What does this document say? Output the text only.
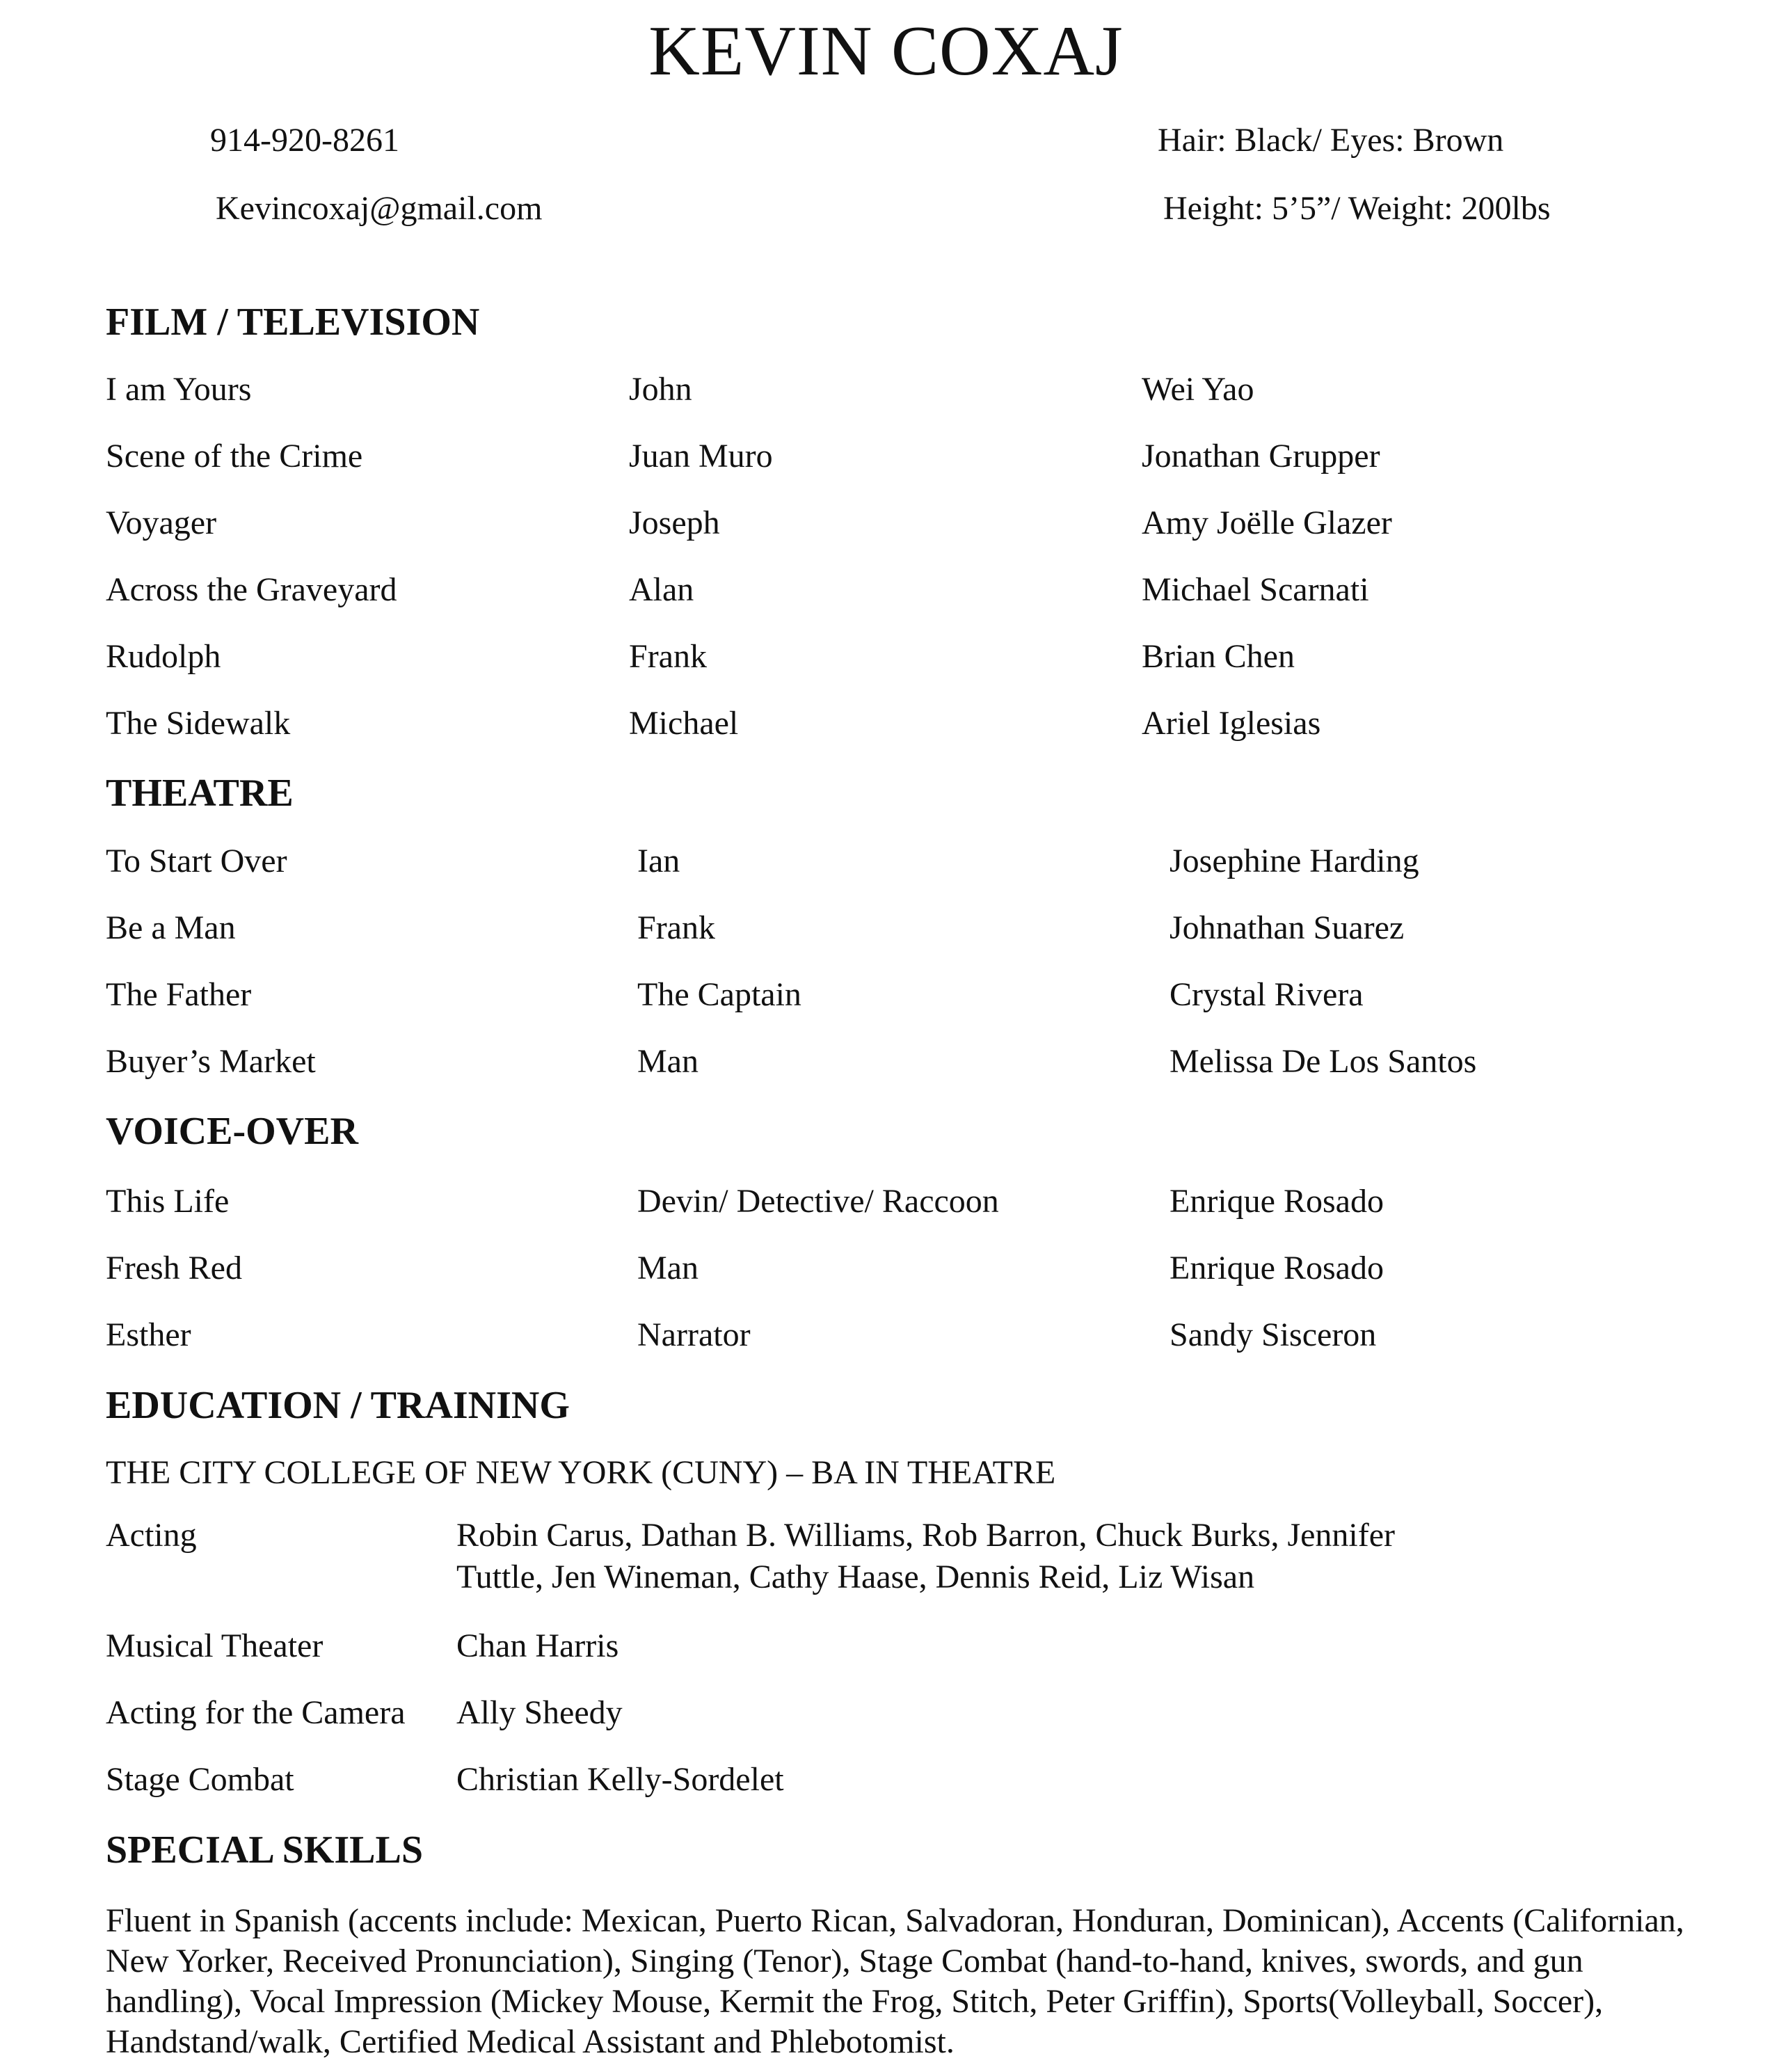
KEVIN COXAJ
914-920-8261
Kevincoxaj@gmail.com
Hair: Black/ Eyes: Brown
Height: 5’5”/ Weight: 200lbs
FILM / TELEVISION
I am Yours	John	Wei Yao
Scene of the Crime	Juan Muro	Jonathan Grupper
Voyager	Joseph	Amy Joëlle Glazer
Across the Graveyard	Alan	Michael Scarnati
Rudolph	Frank	Brian Chen
The Sidewalk	Michael	Ariel Iglesias
THEATRE
To Start Over	Ian	Josephine Harding
Be a Man	Frank	Johnathan Suarez
The Father	The Captain	Crystal Rivera
Buyer’s Market	Man	Melissa De Los Santos
VOICE-OVER
This Life	Devin/ Detective/ Raccoon	Enrique Rosado
Fresh Red	Man	Enrique Rosado
Esther	Narrator	Sandy Sisceron
EDUCATION / TRAINING
THE CITY COLLEGE OF NEW YORK (CUNY) – BA IN THEATRE
Acting	Robin Carus, Dathan B. Williams, Rob Barron, Chuck Burks, Jennifer Tuttle, Jen Wineman, Cathy Haase, Dennis Reid, Liz Wisan
Musical Theater	Chan Harris
Acting for the Camera Ally Sheedy
Stage Combat	Christian Kelly-Sordelet
SPECIAL SKILLS
Fluent in Spanish (accents include: Mexican, Puerto Rican, Salvadoran, Honduran, Dominican), Accents (Californian, New Yorker, Received Pronunciation), Singing (Tenor), Stage Combat (hand-to-hand, knives, swords, and gun handling), Vocal Impression (Mickey Mouse, Kermit the Frog, Stitch, Peter Griffin), Sports(Volleyball, Soccer), Handstand/walk, Certified Medical Assistant and Phlebotomist.
